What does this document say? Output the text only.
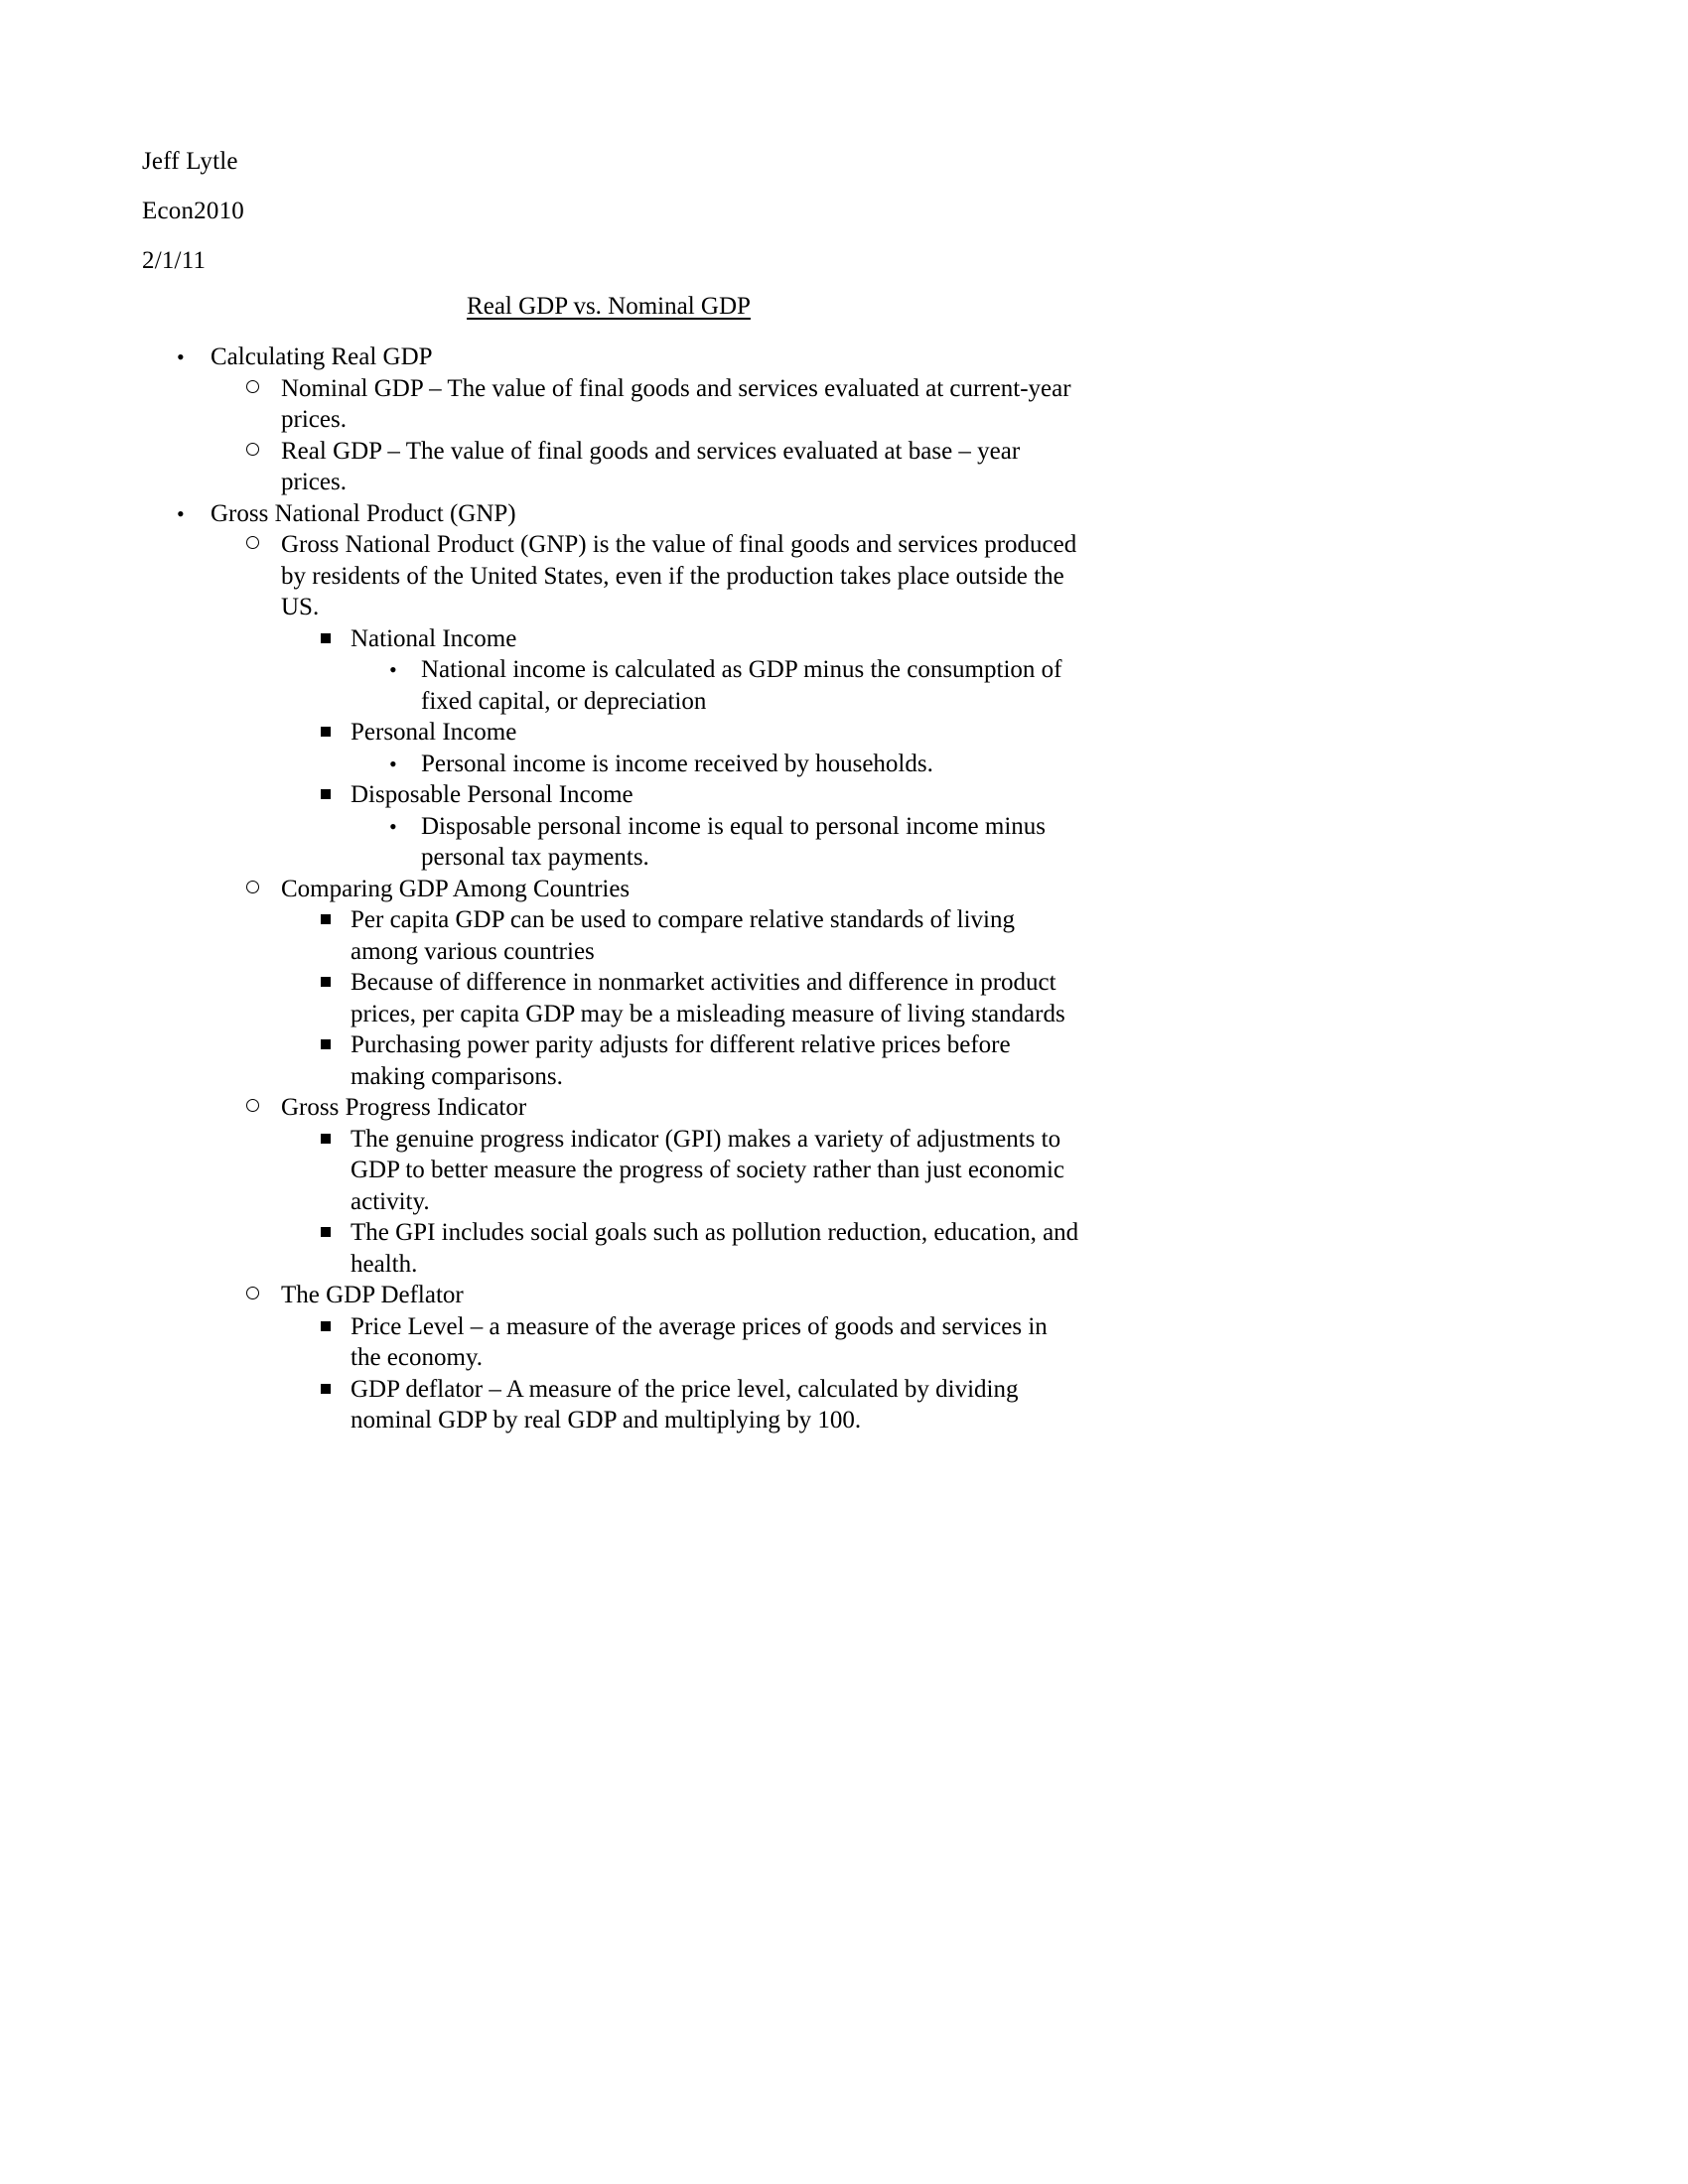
Jeff Lytle
Econ2010
2/1/11
Real GDP vs. Nominal GDP
•
Calculating Real GDP
Nominal GDP – The value of final goods and services evaluated at current-year prices.
Real GDP – The value of final goods and services evaluated at base – year prices.
•
Gross National Product (GNP)
Gross National Product (GNP) is the value of final goods and services produced by residents of the United States, even if the production takes place outside the US.
National Income
•
National income is calculated as GDP minus the consumption of fixed capital, or depreciation
Personal Income
•
Personal income is income received by households.
Disposable Personal Income
•
Disposable personal income is equal to personal income minus personal tax payments.
Comparing GDP Among Countries
Per capita GDP can be used to compare relative standards of living among various countries
Because of difference in nonmarket activities and difference in product prices, per capita GDP may be a misleading measure of living standards
Purchasing power parity adjusts for different relative prices before making comparisons.
Gross Progress Indicator
The genuine progress indicator (GPI) makes a variety of adjustments to GDP to better measure the progress of society rather than just economic activity.
The GPI includes social goals such as pollution reduction, education, and health.
The GDP Deflator
Price Level – a measure of the average prices of goods and services in the economy.
GDP deflator – A measure of the price level, calculated by dividing nominal GDP by real GDP and multiplying by 100.
